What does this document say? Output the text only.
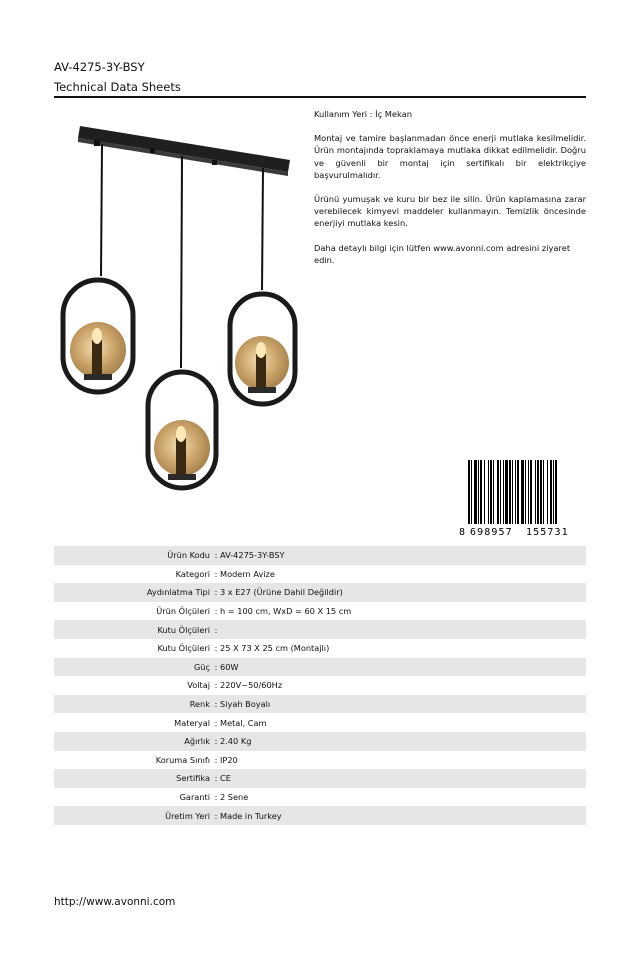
AV-4275-3Y-BSY
Technical Data Sheets

Kullanım Yeri : İç Mekan

Montaj ve tamire başlanmadan önce enerji mutlaka kesilmelidir. Ürün montajında topraklamaya mutlaka dikkat edilmelidir. Doğru ve güvenli bir montaj için sertifikalı bir elektrikçiye başvurulmalıdır.

Ürünü yumuşak ve kuru bir bez ile silin. Ürün kaplamasına zarar verebilecek kimyevi maddeler kullanmayın. Temizlik öncesinde enerjiyi mutlaka kesin.

Daha detaylı bilgi için lütfen www.avonni.com adresini ziyaret edin.

8 698957 155731
Ürün Kodu : AV-4275-3Y-BSY
Kategori : Modern Avize
Aydınlatma Tipi : 3 x E27 (Ürüne Dahil Değildir)
Ürün Ölçüleri : h = 100 cm, WxD = 60 X 15 cm
Kutu Ölçüleri :
Kutu Ölçüleri : 25 X 73 X 25 cm (Montajlı)
Güç : 60W
Voltaj : 220V~50/60Hz
Renk : Siyah Boyalı
Materyal : Metal, Cam
Ağırlık : 2.40 Kg
Koruma Sınıfı : IP20
Sertifika : CE
Garanti : 2 Sene
Üretim Yeri : Made in Turkey
http://www.avonni.com
